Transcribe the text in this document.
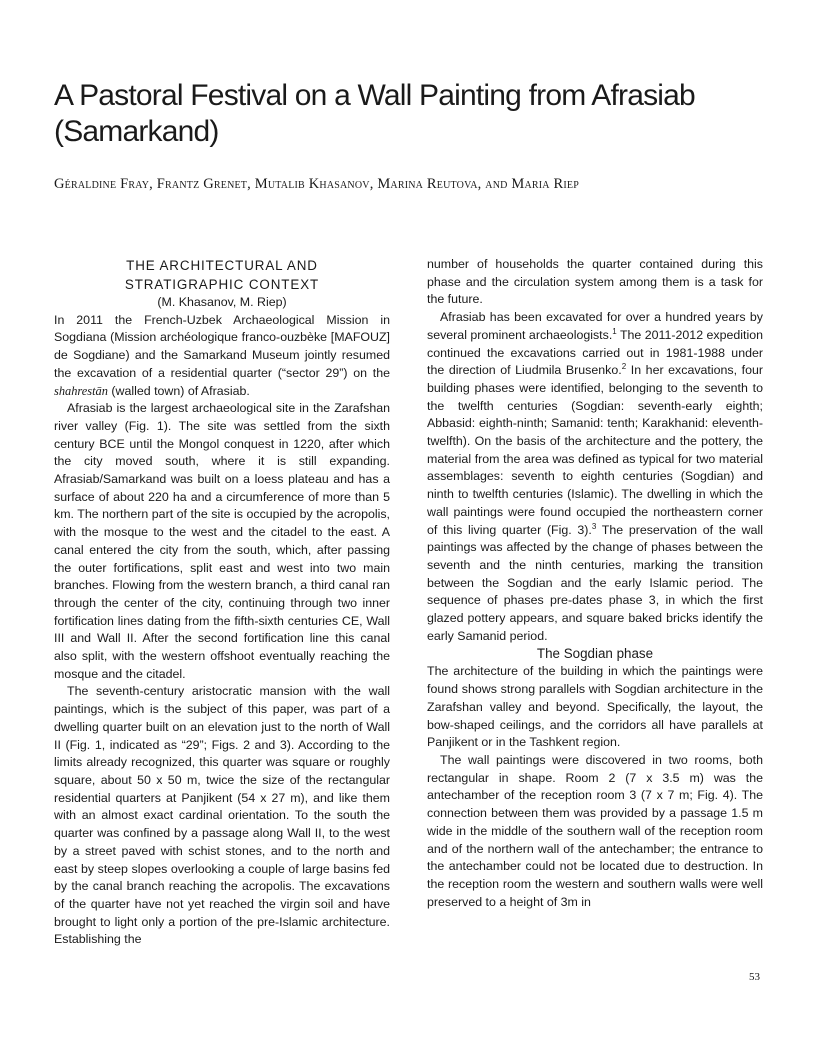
A Pastoral Festival on a Wall Painting from Afrasiab (Samarkand)

Géraldine Fray, Frantz Grenet, Mutalib Khasanov, Marina Reutova, and Maria Riep

THE ARCHITECTURAL AND

STRATIGRAPHIC CONTEXT

(M. Khasanov, M. Riep)

In 2011 the French-Uzbek Archaeological Mission in Sogdiana (Mission archéologique franco-ouzbèke [MAFOUZ] de Sogdiane) and the Samarkand Museum jointly resumed the excavation of a residential quarter (“sector 29”) on the shahrestān (walled town) of Afrasiab.

Afrasiab is the largest archaeological site in the Zarafshan river valley (Fig. 1). The site was settled from the sixth century BCE until the Mongol conquest in 1220, after which the city moved south, where it is still expanding. Afrasiab/Samarkand was built on a loess plateau and has a surface of about 220 ha and a circumference of more than 5 km. The northern part of the site is occupied by the acropolis, with the mosque to the west and the citadel to the east. A canal entered the city from the south, which, after passing the outer fortifications, split east and west into two main branches. Flowing from the western branch, a third canal ran through the center of the city, continuing through two inner fortification lines dating from the fifth-sixth centuries CE, Wall III and Wall II. After the second fortification line this canal also split, with the western offshoot eventually reaching the mosque and the citadel.

The seventh-century aristocratic mansion with the wall paintings, which is the subject of this paper, was part of a dwelling quarter built on an elevation just to the north of Wall II (Fig. 1, indicated as “29”; Figs. 2 and 3). According to the limits already recognized, this quarter was square or roughly square, about 50 x 50 m, twice the size of the rectangular residential quarters at Panjikent (54 x 27 m), and like them with an almost exact cardinal orientation. To the south the quarter was confined by a passage along Wall II, to the west by a street paved with schist stones, and to the north and east by steep slopes overlooking a couple of large basins fed by the canal branch reaching the acropolis. The excavations of the quarter have not yet reached the virgin soil and have brought to light only a portion of the pre-Islamic architecture. Establishing the

number of households the quarter contained during this phase and the circulation system among them is a task for the future.

Afrasiab has been excavated for over a hundred years by several prominent archaeologists.$^1$ The 2011-2012 expedition continued the excavations carried out in 1981-1988 under the direction of Liudmila Brusenko.$^2$ In her excavations, four building phases were identified, belonging to the seventh to the twelfth centuries (Sogdian: seventh-early eighth; Abbasid: eighth-ninth; Samanid: tenth; Karakhanid: eleventh-twelfth). On the basis of the architecture and the pottery, the material from the area was defined as typical for two material assemblages: seventh to eighth centuries (Sogdian) and ninth to twelfth centuries (Islamic). The dwelling in which the wall paintings were found occupied the northeastern corner of this living quarter (Fig. 3).$^3$ The preservation of the wall paintings was affected by the change of phases between the seventh and the ninth centuries, marking the transition between the Sogdian and the early Islamic period. The sequence of phases pre-dates phase 3, in which the first glazed pottery appears, and square baked bricks identify the early Samanid period.

The Sogdian phase

The architecture of the building in which the paintings were found shows strong parallels with Sogdian architecture in the Zarafshan valley and beyond. Specifically, the layout, the bow-shaped ceilings, and the corridors all have parallels at Panjikent or in the Tashkent region.

The wall paintings were discovered in two rooms, both rectangular in shape. Room 2 (7 x 3.5 m) was the antechamber of the reception room 3 (7 x 7 m; Fig. 4). The connection between them was provided by a passage 1.5 m wide in the middle of the southern wall of the reception room and of the northern wall of the antechamber; the entrance to the antechamber could not be located due to destruction. In the reception room the western and southern walls were well preserved to a height of 3m in

53
